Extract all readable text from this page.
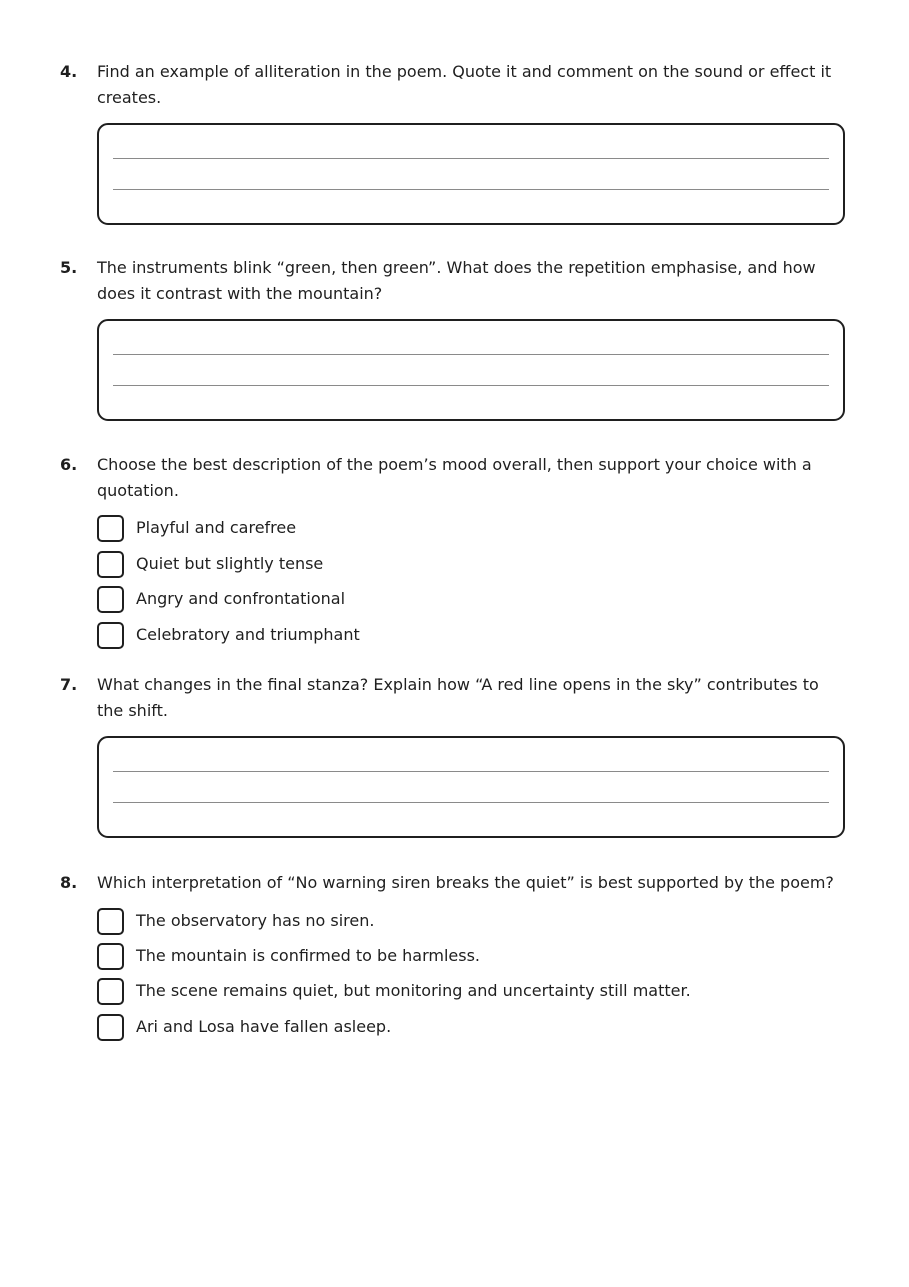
4. Find an example of alliteration in the poem. Quote it and comment on the sound or effect it creates.
5. The instruments blink “green, then green”. What does the repetition emphasise, and how does it contrast with the mountain?
6. Choose the best description of the poem’s mood overall, then support your choice with a quotation.
Playful and carefree
Quiet but slightly tense
Angry and confrontational
Celebratory and triumphant
7. What changes in the final stanza? Explain how “A red line opens in the sky” contributes to the shift.
8. Which interpretation of “No warning siren breaks the quiet” is best supported by the poem?
The observatory has no siren.
The mountain is confirmed to be harmless.
The scene remains quiet, but monitoring and uncertainty still matter.
Ari and Losa have fallen asleep.
